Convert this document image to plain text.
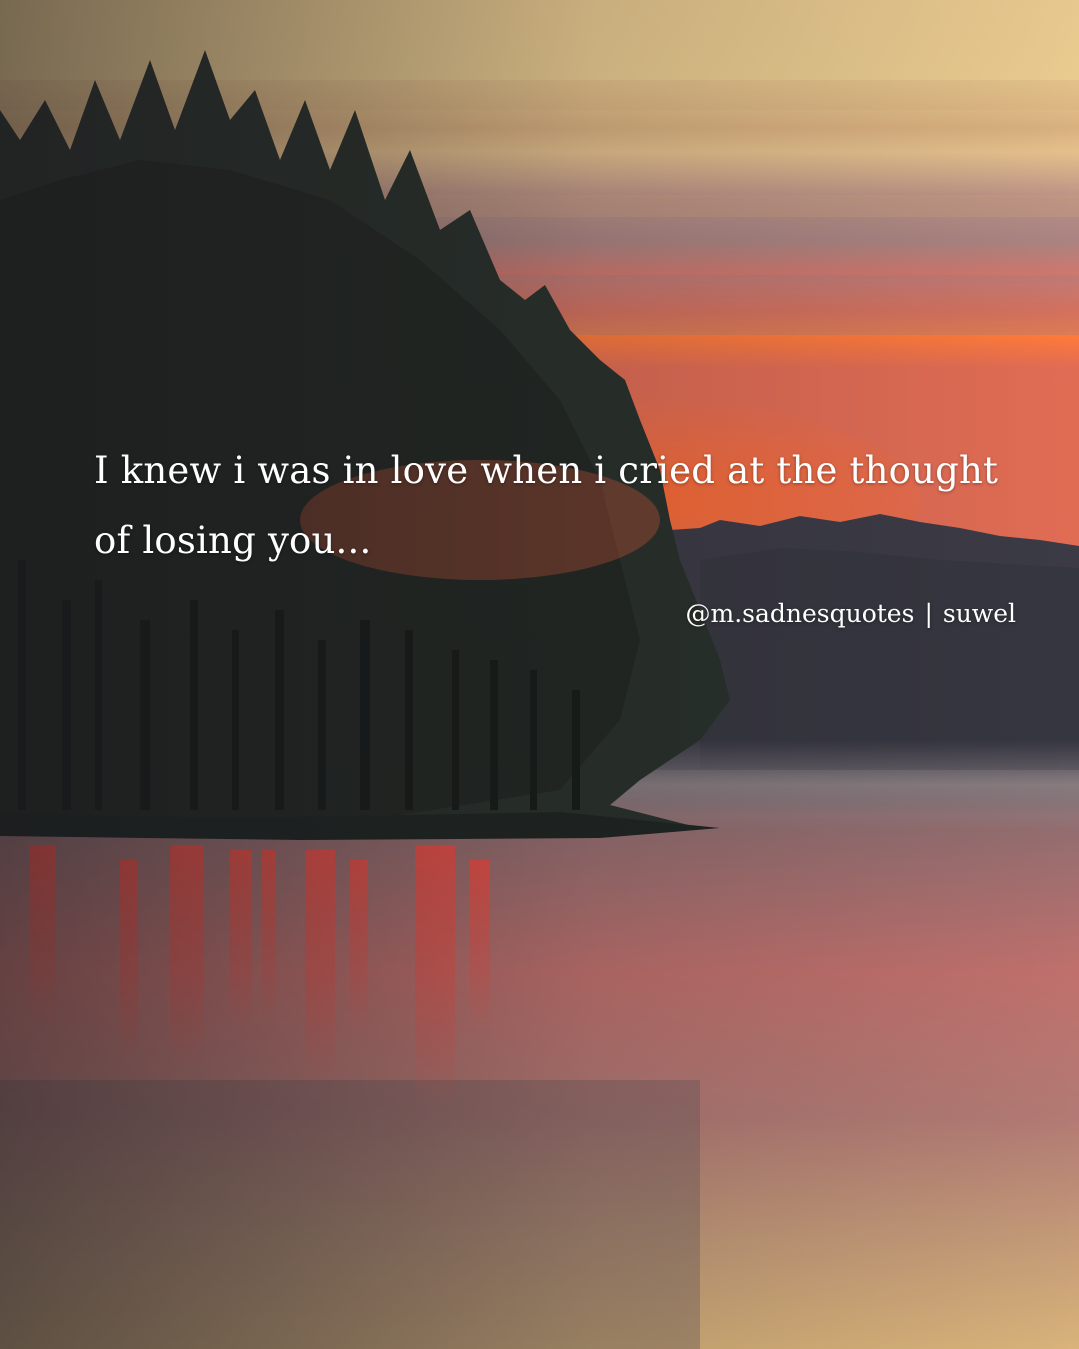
I knew i was in love when i cried at the thought of losing you...

@m.sadnesquotes | suwel
